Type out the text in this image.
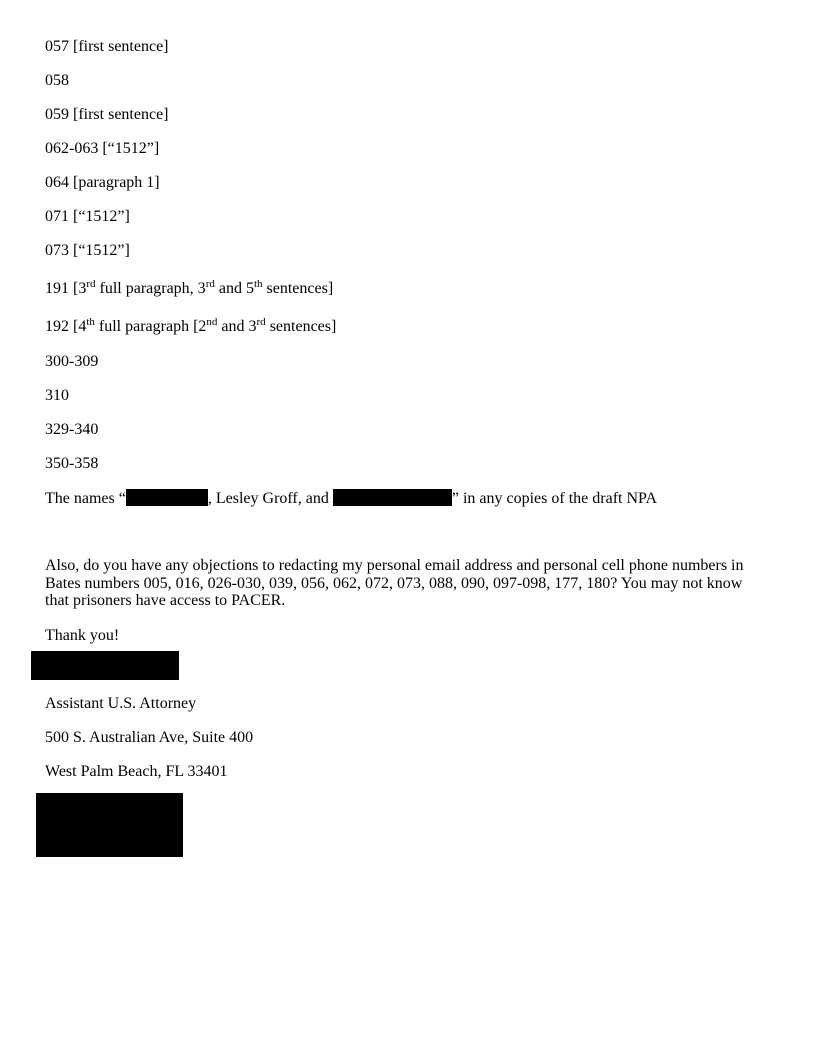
057 [first sentence]
058
059 [first sentence]
062-063 [“1512”]
064 [paragraph 1]
071 [“1512”]
073 [“1512”]
191 [3rd full paragraph, 3rd and 5th sentences]
192 [4th full paragraph [2nd and 3rd sentences]
300-309
310
329-340
350-358
The names “	, Lesley Groff, and	” in any copies of the draft NPA
Also, do you have any objections to redacting my personal email address and personal cell phone numbers in Bates numbers 005, 016, 026-030, 039, 056, 062, 072, 073, 088, 090, 097-098, 177, 180? You may not know that prisoners have access to PACER.
Thank you!
Assistant U.S. Attorney
500 S. Australian Ave, Suite 400
West Palm Beach, FL 33401
